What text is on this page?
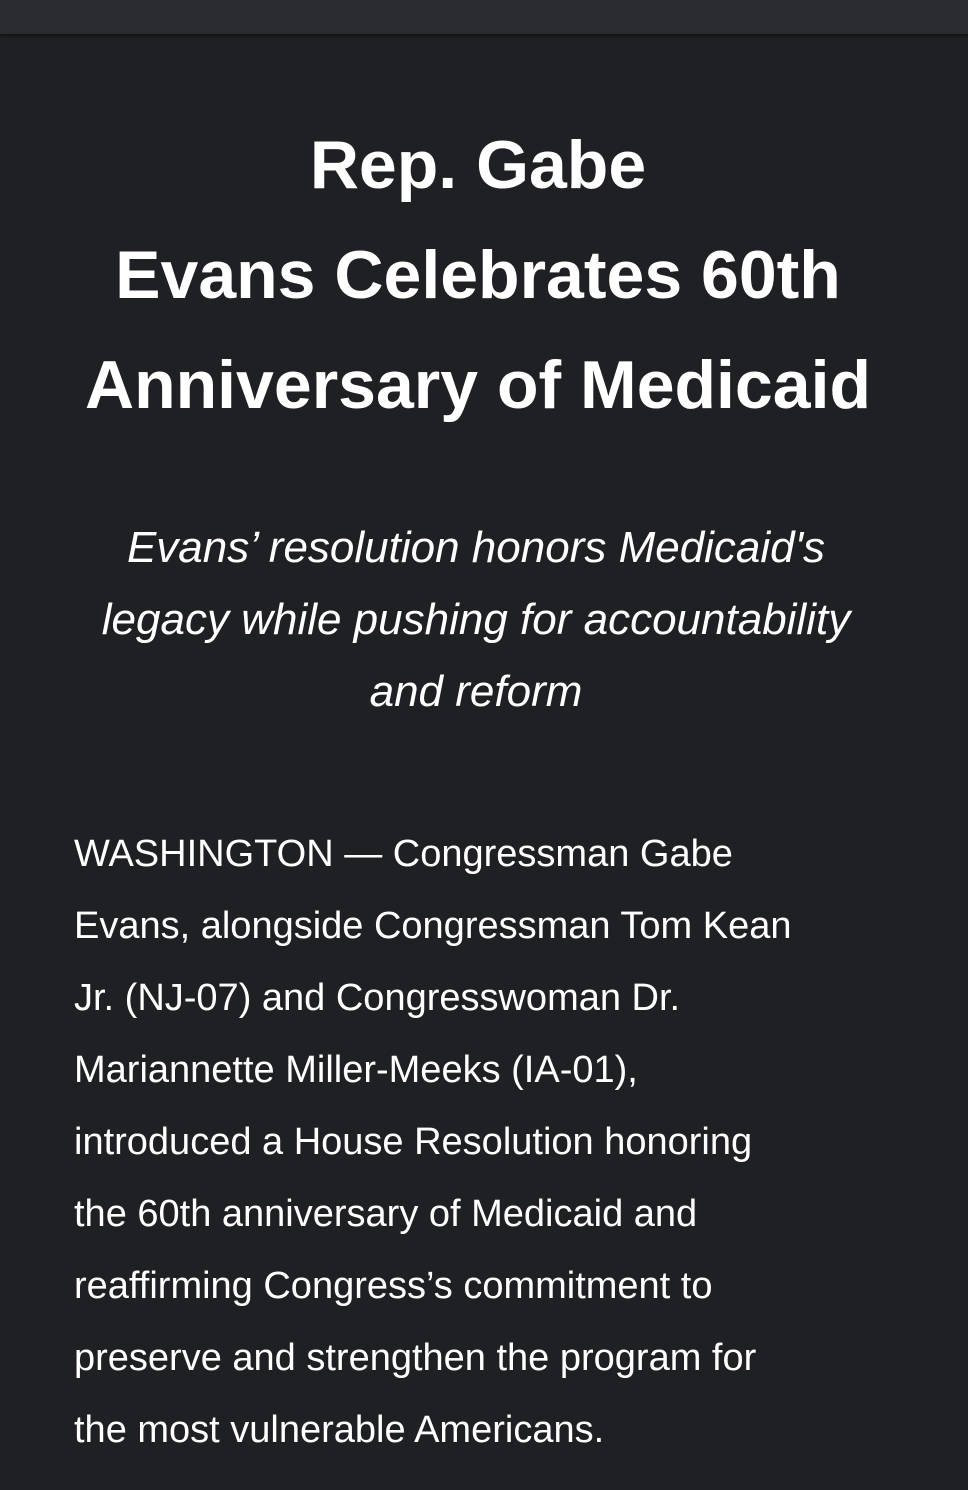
Rep. Gabe
Evans Celebrates 60th
Anniversary of Medicaid

Evans’ resolution honors Medicaid's
legacy while pushing for accountability
and reform

WASHINGTON — Congressman Gabe
Evans, alongside Congressman Tom Kean
Jr. (NJ-07) and Congresswoman Dr.
Mariannette Miller-Meeks (IA-01),
introduced a House Resolution honoring
the 60th anniversary of Medicaid and
reaffirming Congress’s commitment to
preserve and strengthen the program for
the most vulnerable Americans.
